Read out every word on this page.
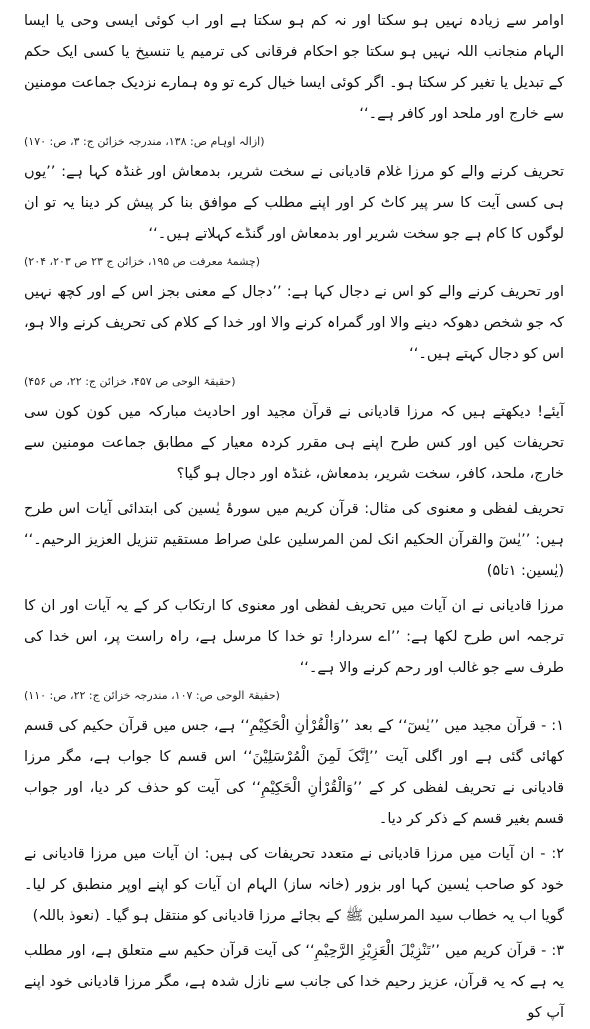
اوامر سے زیادہ نہیں ہو سکتا اور نہ کم ہو سکتا ہے اور اب کوئی ایسی وحی یا ایسا الہام منجانب اللہ نہیں ہو سکتا جو احکام فرقانی کی ترمیم یا تنسیخ یا کسی ایک حکم کے تبدیل یا تغیر کر سکتا ہو۔ اگر کوئی ایسا خیال کرے تو وہ ہمارے نزدیک جماعت مومنین سے خارج اور ملحد اور کافر ہے۔‘‘

(ازالہ اوہام ص: ۱۳۸، مندرجہ خزائن ج: ۳، ص: ۱۷۰)

تحریف کرنے والے کو مرزا غلام قادیانی نے سخت شریر، بدمعاش اور غنڈہ کہا ہے: ’’یوں ہی کسی آیت کا سر پیر کاٹ کر اور اپنے مطلب کے موافق بنا کر پیش کر دینا یہ تو ان لوگوں کا کام ہے جو سخت شریر اور بدمعاش اور گنڈے کہلاتے ہیں۔‘‘

(چشمۂ معرفت ص ۱۹۵، خزائن ج ۲۳ ص ۲۰۳، ۲۰۴)

اور تحریف کرنے والے کو اس نے دجال کہا ہے: ’’دجال کے معنی بجز اس کے اور کچھ نہیں کہ جو شخص دھوکہ دینے والا اور گمراہ کرنے والا اور خدا کے کلام کی تحریف کرنے والا ہو، اس کو دجال کہتے ہیں۔‘‘

(حقیقۃ الوحی ص ۴۵۷، خزائن ج: ۲۲، ص ۴۵۶)

آیئے! دیکھتے ہیں کہ مرزا قادیانی نے قرآن مجید اور احادیث مبارکہ میں کون کون سی تحریفات کیں اور کس طرح اپنے ہی مقرر کردہ معیار کے مطابق جماعت مومنین سے خارج، ملحد، کافر، سخت شریر، بدمعاش، غنڈہ اور دجال ہو گیا؟

تحریف لفظی و معنوی کی مثال: قرآن کریم میں سورۂ یٰسین کی ابتدائی آیات اس طرح ہیں: ’’یٰسٓ والقرآن الحکیم انک لمن المرسلین علیٰ صراط مستقیم تنزیل العزیز الرحیم۔‘‘ (یٰسین: ۱تا۵)

مرزا قادیانی نے ان آیات میں تحریف لفظی اور معنوی کا ارتکاب کر کے یہ آیات اور ان کا ترجمہ اس طرح لکھا ہے: ’’اے سردار! تو خدا کا مرسل ہے، راہ راست پر، اس خدا کی طرف سے جو غالب اور رحم کرنے والا ہے۔‘‘

(حقیقۃ الوحی ص: ۱۰۷، مندرجہ خزائن ج: ۲۲، ص: ۱۱۰)

۱: - قرآن مجید میں ’’یٰسٓ‘‘ کے بعد ’’وَالْقُرْاٰنِ الْحَکِیْمِ‘‘ ہے، جس میں قرآن حکیم کی قسم کھائی گئی ہے اور اگلی آیت ’’اِنَّکَ لَمِنَ الْمُرْسَلِیْنَ‘‘ اس قسم کا جواب ہے، مگر مرزا قادیانی نے تحریف لفظی کر کے ’’وَالْقُرْاٰنِ الْحَکِیْمِ‘‘ کی آیت کو حذف کر دیا، اور جواب قسم بغیر قسم کے ذکر کر دیا۔

۲: - ان آیات میں مرزا قادیانی نے متعدد تحریفات کی ہیں: ان آیات میں مرزا قادیانی نے خود کو صاحب یٰسین کہا اور بزور (خانہ ساز) الہام ان آیات کو اپنے اوپر منطبق کر لیا۔ گویا اب یہ خطاب سید المرسلین ﷺ کے بجائے مرزا قادیانی کو منتقل ہو گیا۔ (نعوذ باللہ)

۳: - قرآن کریم میں ’’تَنْزِیْلَ الْعَزِیْزِ الرَّحِیْمِ‘‘ کی آیت قرآن حکیم سے متعلق ہے، اور مطلب یہ ہے کہ یہ قرآن، عزیز رحیم خدا کی جانب سے نازل شدہ ہے، مگر مرزا قادیانی خود اپنے آپ کو
